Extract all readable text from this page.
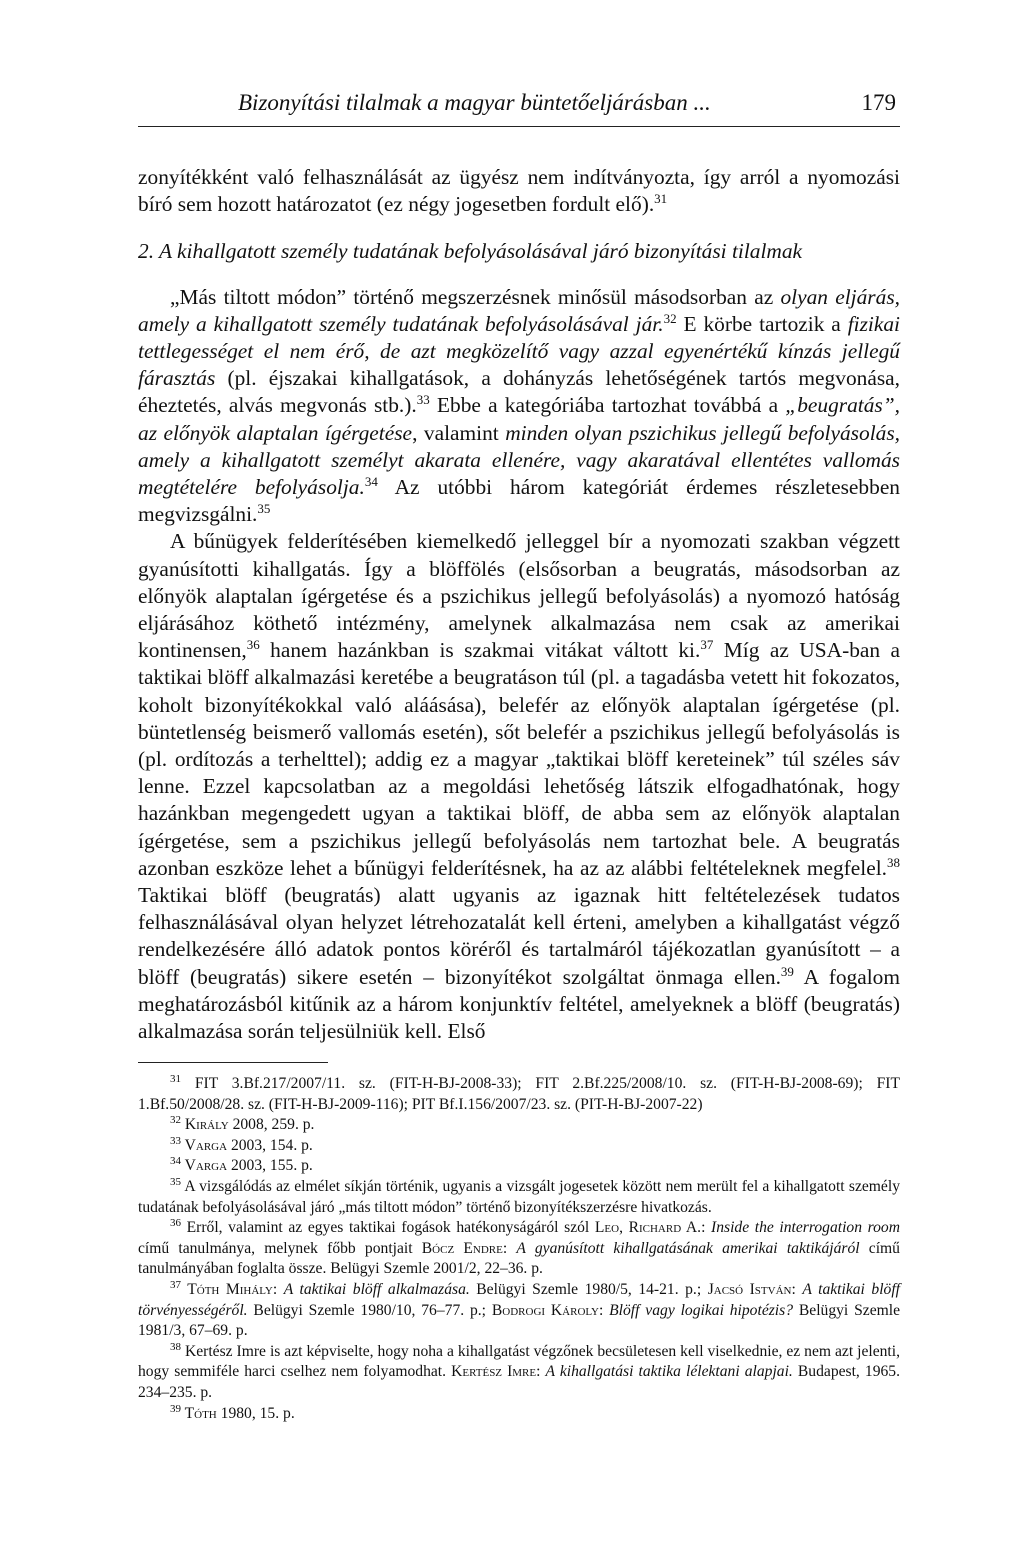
Bizonyítási tilalmak a magyar büntetőeljárásban ...	179

zonyítékként való felhasználását az ügyész nem indítványozta, így arról a nyomozási bíró sem hozott határozatot (ez négy jogesetben fordult elő).$^{31}$

2. A kihallgatott személy tudatának befolyásolásával járó bizonyítási tilalmak

„Más tiltott módon” történő megszerzésnek minősül másodsorban az olyan eljárás, amely a kihallgatott személy tudatának befolyásolásával jár.$^{32}$ E körbe tartozik a fizikai tettlegességet el nem érő, de azt megközelítő vagy azzal egyenértékű kínzás jellegű fárasztás (pl. éjszakai kihallgatások, a dohányzás lehetőségének tartós megvonása, éheztetés, alvás megvonás stb.).$^{33}$ Ebbe a kategóriába tartozhat továbbá a „beugratás”, az előnyök alaptalan ígérgetése, valamint minden olyan pszichikus jellegű befolyásolás, amely a kihallgatott személyt akarata ellenére, vagy akaratával ellentétes vallomás megtételére befolyásolja.$^{34}$ Az utóbbi három kategóriát érdemes részletesebben megvizsgálni.$^{35}$

A bűnügyek felderítésében kiemelkedő jelleggel bír a nyomozati szakban végzett gyanúsítotti kihallgatás. Így a blöffölés (elsősorban a beugratás, másodsorban az előnyök alaptalan ígérgetése és a pszichikus jellegű befolyásolás) a nyomozó hatóság eljárásához köthető intézmény, amelynek alkalmazása nem csak az amerikai kontinensen,$^{36}$ hanem hazánkban is szakmai vitákat váltott ki.$^{37}$ Míg az USA-ban a taktikai blöff alkalmazási keretébe a beugratáson túl (pl. a tagadásba vetett hit fokozatos, koholt bizonyítékokkal való aláásása), belefér az előnyök alaptalan ígérgetése (pl. büntetlenség beismerő vallomás esetén), sőt belefér a pszichikus jellegű befolyásolás is (pl. ordítozás a terhelttel); addig ez a magyar „taktikai blöff kereteinek” túl széles sáv lenne. Ezzel kapcsolatban az a megoldási lehetőség látszik elfogadhatónak, hogy hazánkban megengedett ugyan a taktikai blöff, de abba sem az előnyök alaptalan ígérgetése, sem a pszichikus jellegű befolyásolás nem tartozhat bele. A beugratás azonban eszköze lehet a bűnügyi felderítésnek, ha az az alábbi feltételeknek megfelel.$^{38}$ Taktikai blöff (beugratás) alatt ugyanis az igaznak hitt feltételezések tudatos felhasználásával olyan helyzet létrehozatalát kell érteni, amelyben a kihallgatást végző rendelkezésére álló adatok pontos köréről és tartalmáról tájékozatlan gyanúsított – a blöff (beugratás) sikere esetén – bizonyítékot szolgáltat önmaga ellen.$^{39}$ A fogalom meghatározásból kitűnik az a három konjunktív feltétel, amelyeknek a blöff (beugratás) alkalmazása során teljesülniük kell. Első

$^{31}$ FIT 3.Bf.217/2007/11. sz. (FIT-H-BJ-2008-33); FIT 2.Bf.225/2008/10. sz. (FIT-H-BJ-2008-69); FIT 1.Bf.50/2008/28. sz. (FIT-H-BJ-2009-116); PIT Bf.I.156/2007/23. sz. (PIT-H-BJ-2007-22)

$^{32}$ Király 2008, 259. p.

$^{33}$ Varga 2003, 154. p.

$^{34}$ Varga 2003, 155. p.

$^{35}$ A vizsgálódás az elmélet síkján történik, ugyanis a vizsgált jogesetek között nem merült fel a kihallgatott személy tudatának befolyásolásával járó „más tiltott módon” történő bizonyítékszerzésre hivatkozás.

$^{36}$ Erről, valamint az egyes taktikai fogások hatékonyságáról szól Leo, Richard A.: Inside the interrogation room című tanulmánya, melynek főbb pontjait Bócz Endre: A gyanúsított kihallgatásának amerikai taktikájáról című tanulmányában foglalta össze. Belügyi Szemle 2001/2, 22–36. p.

$^{37}$ Tóth Mihály: A taktikai blöff alkalmazása. Belügyi Szemle 1980/5, 14-21. p.; Jacsó István: A taktikai blöff törvényességéről. Belügyi Szemle 1980/10, 76–77. p.; Bodrogi Károly: Blöff vagy logikai hipotézis? Belügyi Szemle 1981/3, 67–69. p.

$^{38}$ Kertész Imre is azt képviselte, hogy noha a kihallgatást végzőnek becsületesen kell viselkednie, ez nem azt jelenti, hogy semmiféle harci cselhez nem folyamodhat. Kertész Imre: A kihallgatási taktika lélektani alapjai. Budapest, 1965. 234–235. p.

$^{39}$ Tóth 1980, 15. p.
